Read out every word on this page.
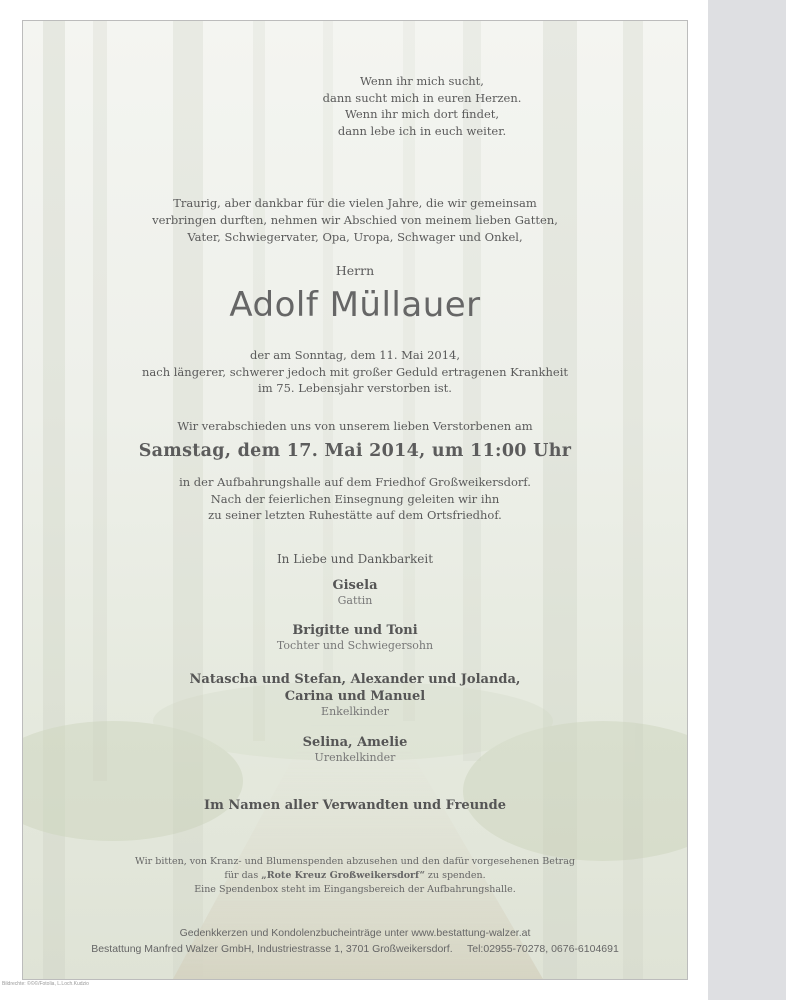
Wenn ihr mich sucht,
dann sucht mich in euren Herzen.
Wenn ihr mich dort findet,
dann lebe ich in euch weiter.
Traurig, aber dankbar für die vielen Jahre, die wir gemeinsam
verbringen durften, nehmen wir Abschied von meinem lieben Gatten,
Vater, Schwiegervater, Opa, Uropa, Schwager und Onkel,
Herrn
Adolf Müllauer
der am Sonntag, dem 11. Mai 2014,
nach längerer, schwerer jedoch mit großer Geduld ertragenen Krankheit
im 75. Lebensjahr verstorben ist.
Wir verabschieden uns von unserem lieben Verstorbenen am
Samstag, dem 17. Mai 2014, um 11:00 Uhr
in der Aufbahrungshalle auf dem Friedhof Großweikersdorf.
Nach der feierlichen Einsegnung geleiten wir ihn
zu seiner letzten Ruhestätte auf dem Ortsfriedhof.
In Liebe und Dankbarkeit
Gisela
Gattin
Brigitte und Toni
Tochter und Schwiegersohn
Natascha und Stefan, Alexander und Jolanda,
Carina und Manuel
Enkelkinder
Selina, Amelie
Urenkelkinder
Im Namen aller Verwandten und Freunde
Wir bitten, von Kranz- und Blumenspenden abzusehen und den dafür vorgesehenen Betrag
für das „Rote Kreuz Großweikersdorf“ zu spenden.
Eine Spendenbox steht im Eingangsbereich der Aufbahrungshalle.
Gedenkkerzen und Kondolenzbucheinträge unter www.bestattung-walzer.at
Bestattung Manfred Walzer GmbH, Industriestrasse 1, 3701 Großweikersdorf.     Tel:02955-70278, 0676-6104691
Bildrechte: ©©©/Fotolia, L.Loch.Kudzio
